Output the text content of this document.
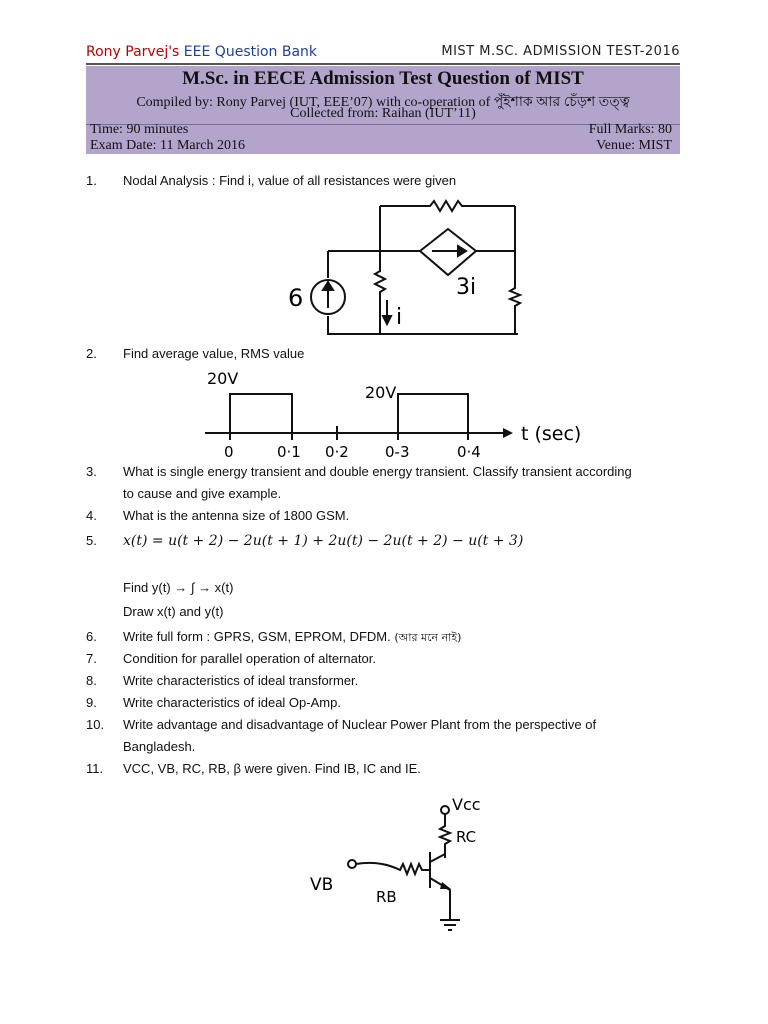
Rony Parvej's EEE Question Bank	MIST M.SC. ADMISSION TEST-2016
M.Sc. in EECE Admission Test Question of MIST
Compiled by: Rony Parvej (IUT, EEE’07) with co-operation of পুঁইশাক আর চেঁড়শ তত্ত্ব
Collected from: Raihan (IUT’11)
Time: 90 minutes	Full Marks: 80
Exam Date: 11 March 2016	Venue: MIST
1.	Nodal Analysis : Find i, value of all resistances were given
6	3i
i
2.	Find average value, RMS value
20V
20V
0	0·1 0·2 0-3	0·4
t (sec)
3.	What is single energy transient and double energy transient. Classify transient according
to cause and give example.
4.	What is the antenna size of 1800 GSM.
5.	x(t) = u(t + 2) − 2u(t + 1) + 2u(t) − 2u(t + 2) − u(t + 3)
Find y(t) → ∫ → x(t)
Draw x(t) and y(t)
6.	Write full form : GPRS, GSM, EPROM, DFDM. (আর মনে নাই)
7.	Condition for parallel operation of alternator.
8.	Write characteristics of ideal transformer.
9.	Write characteristics of ideal Op-Amp.
10.	Write advantage and disadvantage of Nuclear Power Plant from the perspective of
Bangladesh.
11.	VCC, VB, RC, RB, β were given. Find IB, IC and IE.
Vcc
RC
VB
RB
